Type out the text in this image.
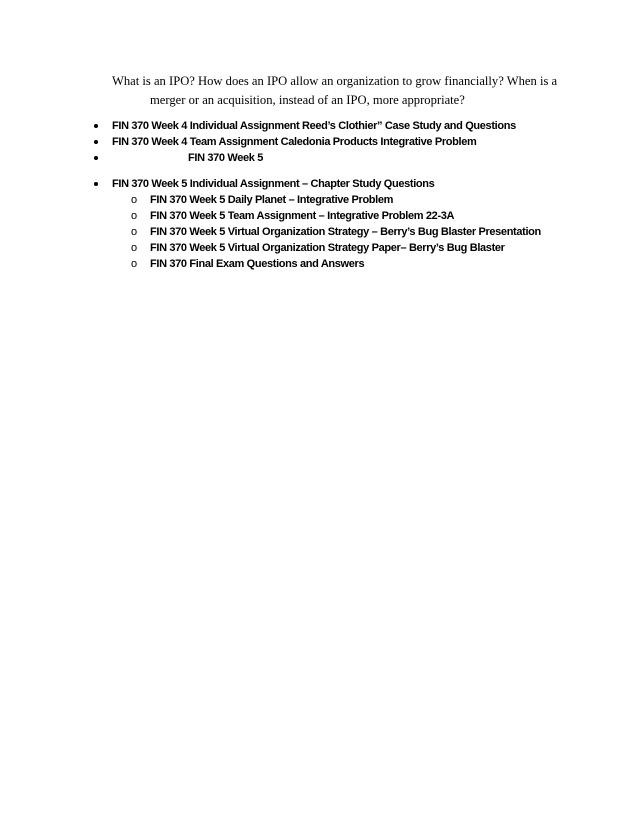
What is an IPO? How does an IPO allow an organization to grow financially? When is a
merger or an acquisition, instead of an IPO, more appropriate?
FIN 370 Week 4 Individual Assignment Reed’s Clothier” Case Study and Questions
FIN 370 Week 4 Team Assignment Caledonia Products Integrative Problem
FIN 370 Week 5
FIN 370 Week 5 Individual Assignment – Chapter Study Questions
o FIN 370 Week 5 Daily Planet – Integrative Problem
o FIN 370 Week 5 Team Assignment – Integrative Problem 22-3A
o FIN 370 Week 5 Virtual Organization Strategy – Berry’s Bug Blaster Presentation
o FIN 370 Week 5 Virtual Organization Strategy Paper– Berry’s Bug Blaster
o FIN 370 Final Exam Questions and Answers
